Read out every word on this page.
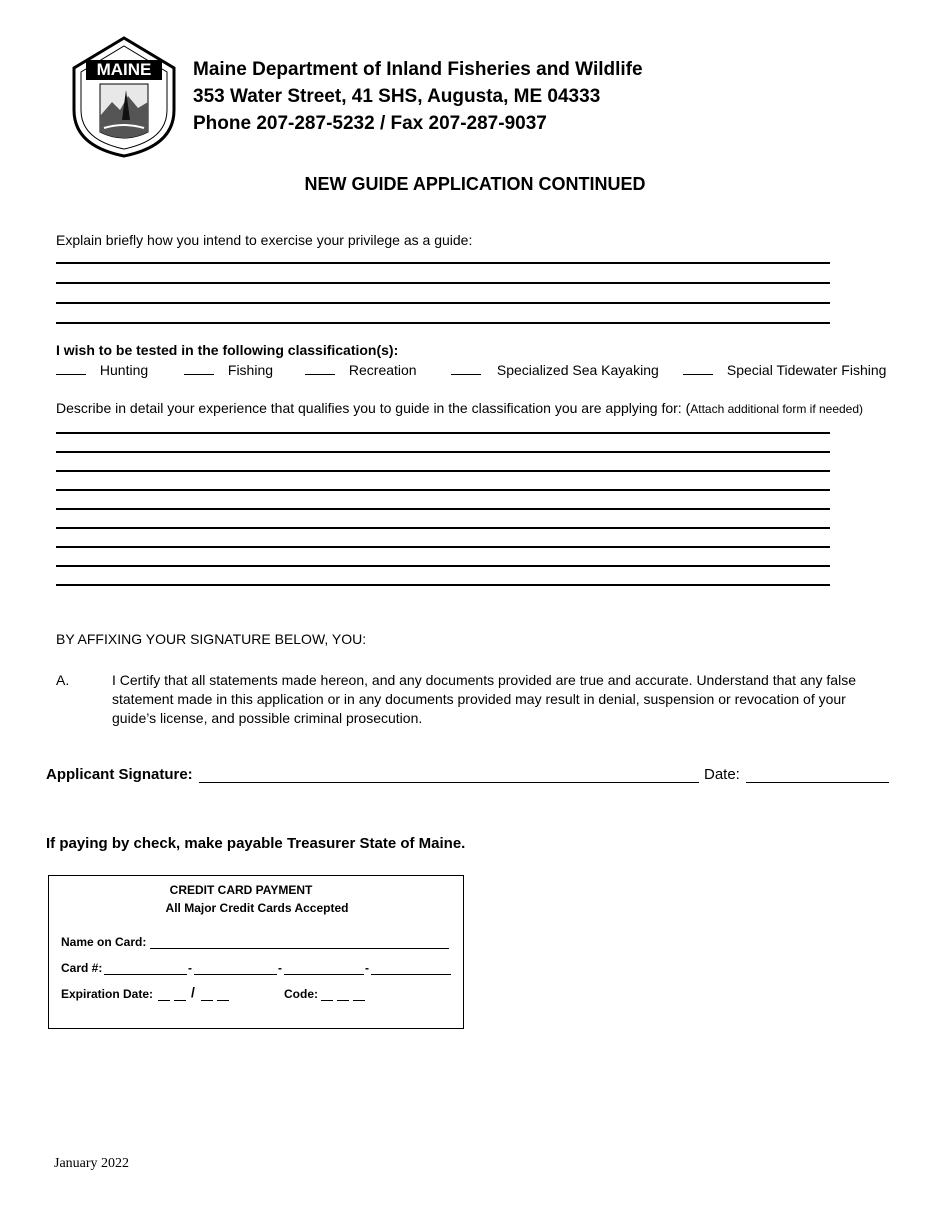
MAINE	Maine Department of Inland Fisheries and Wildlife
353 Water Street, 41 SHS, Augusta, ME 04333
Phone 207-287-5232 / Fax 207-287-9037
NEW GUIDE APPLICATION CONTINUED
Explain briefly how you intend to exercise your privilege as a guide:
I wish to be tested in the following classification(s):
Hunting	Fishing	Recreation	Specialized Sea Kayaking	Special Tidewater Fishing
Describe in detail your experience that qualifies you to guide in the classification you are applying for: (Attach additional form if needed)
BY AFFIXING YOUR SIGNATURE BELOW, YOU:
A.	I Certify that all statements made hereon, and any documents provided are true and accurate. Understand that any false statement made in this application or in any documents provided may result in denial, suspension or revocation of your guide’s license, and possible criminal prosecution.
Applicant Signature:	Date:
If paying by check, make payable Treasurer State of Maine.
CREDIT CARD PAYMENT
All Major Credit Cards Accepted
Name on Card:
Card #:	-	-	-
Expiration Date:	/	Code:
January 2022
